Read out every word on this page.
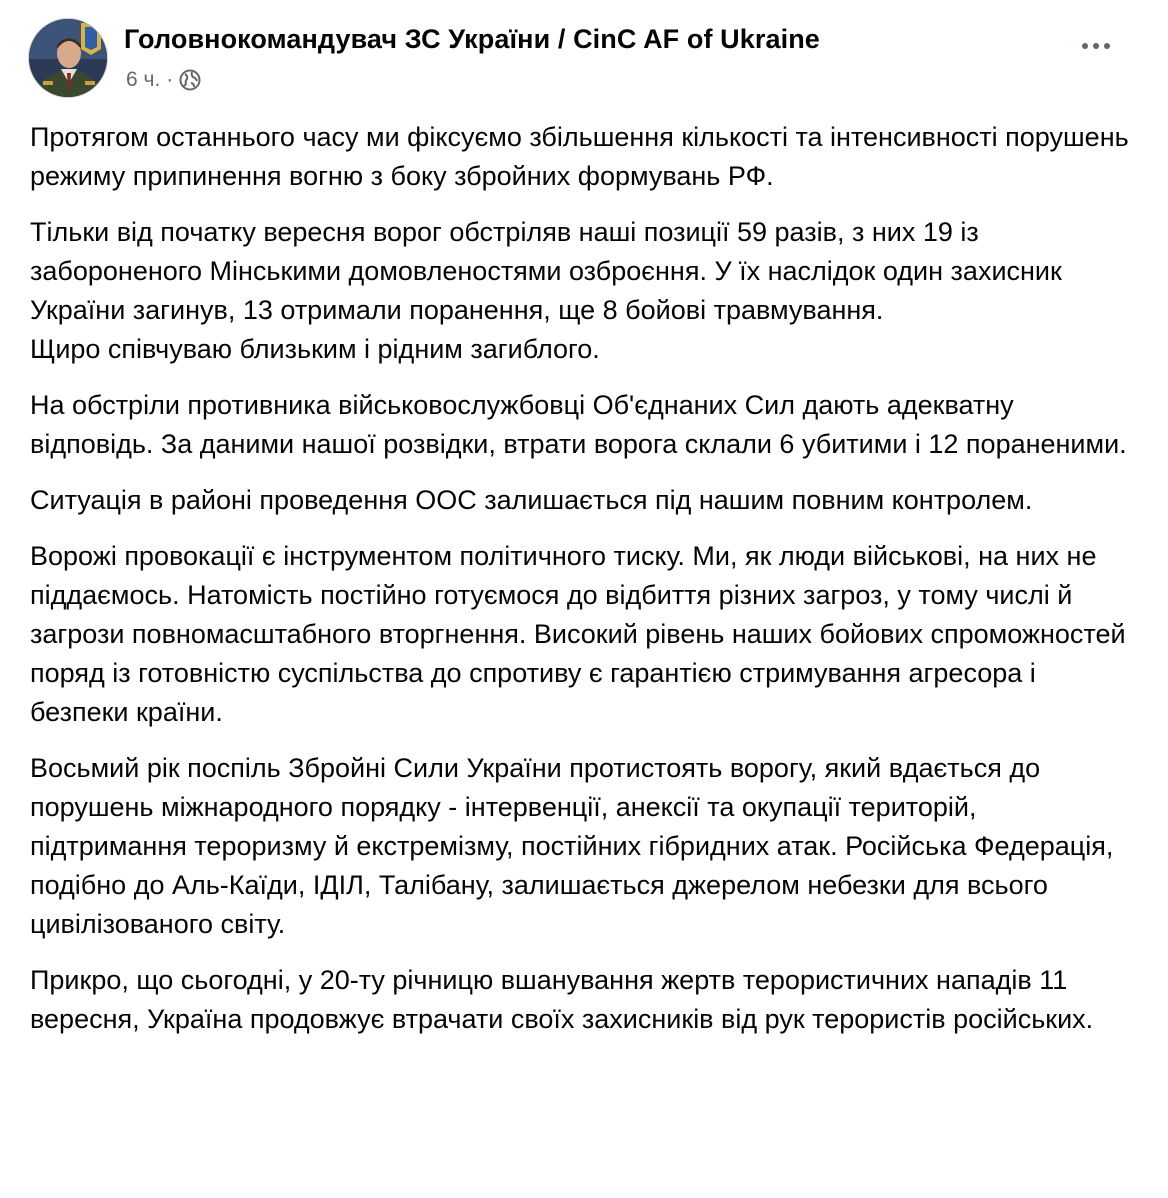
Головнокомандувач ЗС України / CinC AF of Ukraine
6 ч. ·

Протягом останнього часу ми фіксуємо збільшення кількості та інтенсивності порушень режиму припинення вогню з боку збройних формувань РФ.

Тільки від початку вересня ворог обстріляв наші позиції 59 разів, з них 19 із забороненого Мінськими домовленостями озброєння. У їх наслідок один захисник України загинув, 13 отримали поранення, ще 8 бойові травмування.

Щиро співчуваю близьким і рідним загиблого.

На обстріли противника військовослужбовці Об'єднаних Сил дають адекватну відповідь. За даними нашої розвідки, втрати ворога склали 6 убитими і 12 пораненими.

Ситуація в районі проведення ООС залишається під нашим повним контролем.

Ворожі провокації є інструментом політичного тиску. Ми, як люди військові, на них не піддаємось. Натомість постійно готуємося до відбиття різних загроз, у тому числі й загрози повномасштабного вторгнення. Високий рівень наших бойових спроможностей поряд із готовністю суспільства до спротиву є гарантією стримування агресора і безпеки країни.

Восьмий рік поспіль Збройні Сили України протистоять ворогу, який вдається до порушень міжнародного порядку - інтервенції, анексії та окупації територій, підтримання тероризму й екстремізму, постійних гібридних атак. Російська Федерація, подібно до Аль-Каїди, ІДІЛ, Талібану, залишається джерелом небезки для всього цивілізованого світу.

Прикро, що сьогодні, у 20-ту річницю вшанування жертв терористичних нападів 11 вересня, Україна продовжує втрачати своїх захисників від рук терористів російських.
